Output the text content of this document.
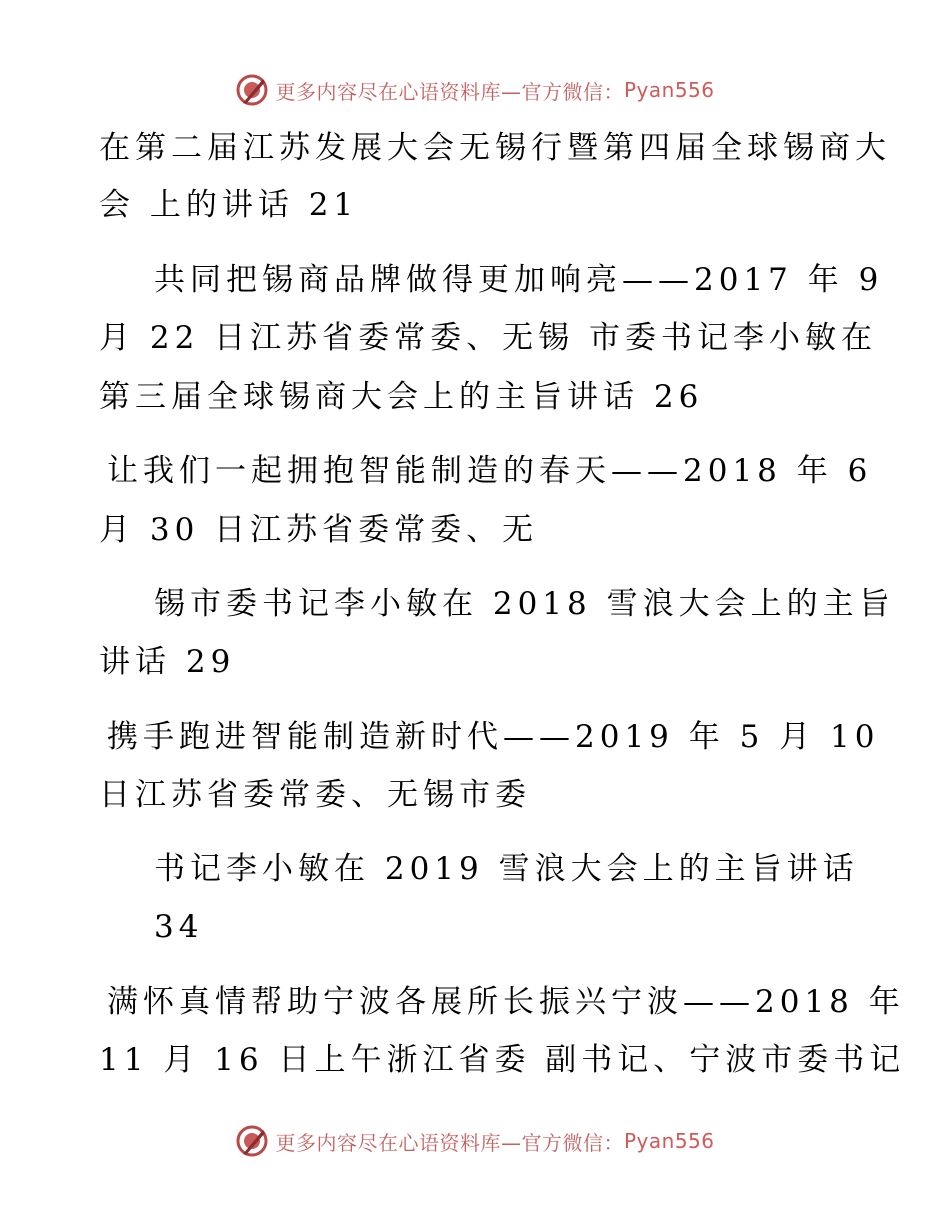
更多内容尽在心语资料库—官方微信： Pyan556
在第二届江苏发展大会无锡行暨第四届全球锡商大
会 上的讲话 21
共同把锡商品牌做得更加响亮——2017 年 9
月 22 日江苏省委常委、无锡 市委书记李小敏在
第三届全球锡商大会上的主旨讲话 26
让我们一起拥抱智能制造的春天——2018 年 6
月 30 日江苏省委常委、无
锡市委书记李小敏在 2018 雪浪大会上的主旨
讲话 29
携手跑进智能制造新时代——2019 年 5 月 10
日江苏省委常委、无锡市委
书记李小敏在 2019 雪浪大会上的主旨讲话
34
满怀真情帮助宁波各展所长振兴宁波——2018 年
11 月 16 日上午浙江省委 副书记、宁波市委书记
更多内容尽在心语资料库—官方微信： Pyan556
